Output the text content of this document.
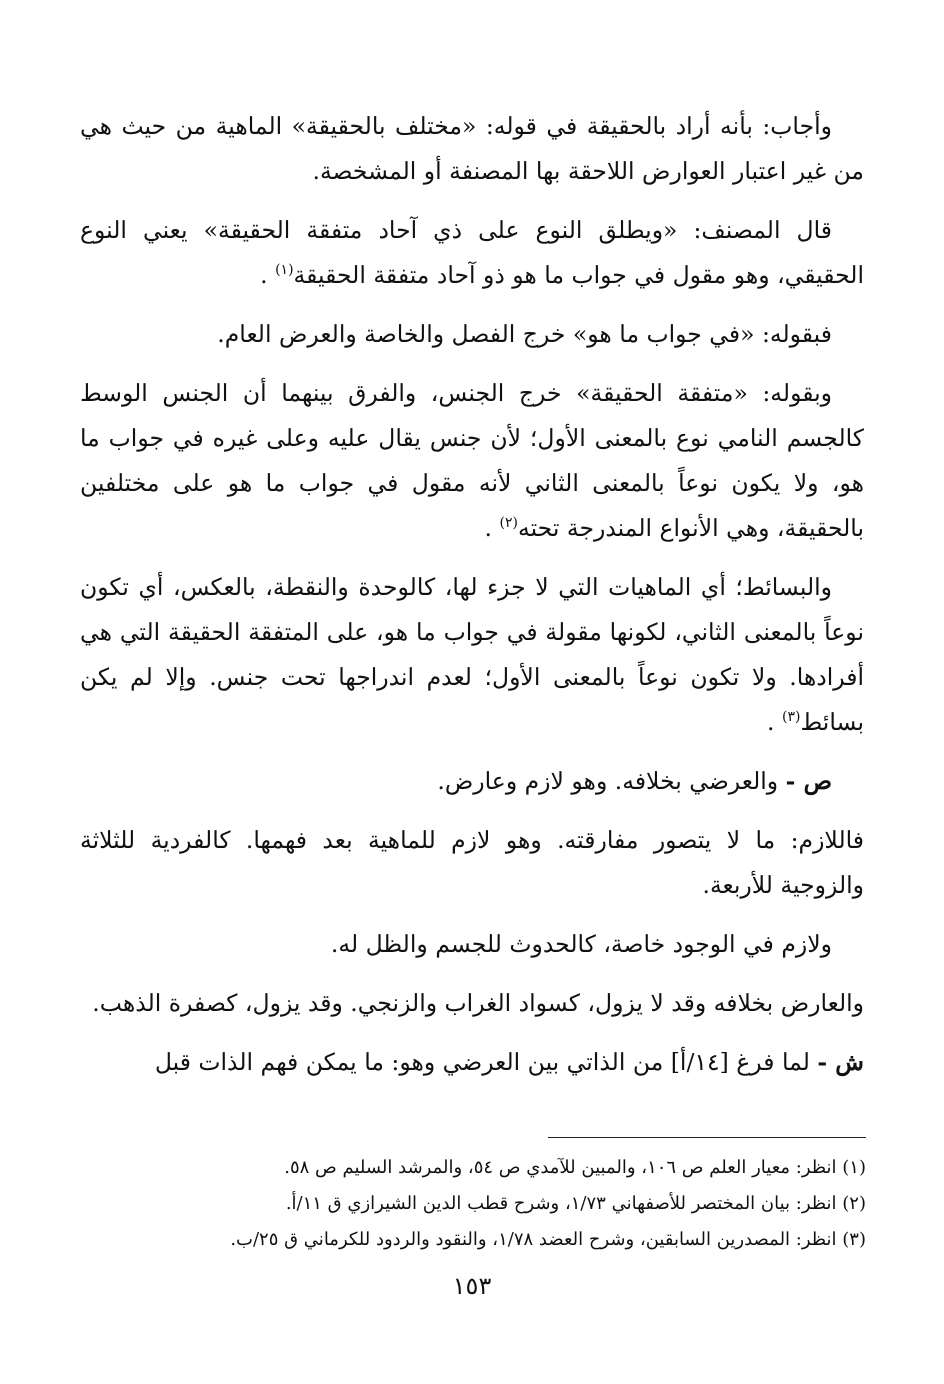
وأجاب: بأنه أراد بالحقيقة في قوله: «مختلف بالحقيقة» الماهية من حيث هي من غير اعتبار العوارض اللاحقة بها المصنفة أو المشخصة.

قال المصنف: «ويطلق النوع على ذي آحاد متفقة الحقيقة» يعني النوع الحقيقي، وهو مقول في جواب ما هو ذو آحاد متفقة الحقيقة$^{(١)}$ .

فبقوله: «في جواب ما هو» خرج الفصل والخاصة والعرض العام.

وبقوله: «متفقة الحقيقة» خرج الجنس، والفرق بينهما أن الجنس الوسط كالجسم النامي نوع بالمعنى الأول؛ لأن جنس يقال عليه وعلى غيره في جواب ما هو، ولا يكون نوعاً بالمعنى الثاني لأنه مقول في جواب ما هو على مختلفين بالحقيقة، وهي الأنواع المندرجة تحته$^{(٢)}$ .

والبسائط؛ أي الماهيات التي لا جزء لها، كالوحدة والنقطة، بالعكس، أي تكون نوعاً بالمعنى الثاني، لكونها مقولة في جواب ما هو، على المتفقة الحقيقة التي هي أفرادها. ولا تكون نوعاً بالمعنى الأول؛ لعدم اندراجها تحت جنس. وإلا لم يكن بسائط$^{(٣)}$ .

ص - والعرضي بخلافه. وهو لازم وعارض.

فاللازم: ما لا يتصور مفارقته. وهو لازم للماهية بعد فهمها. كالفردية للثلاثة والزوجية للأربعة.

ولازم في الوجود خاصة، كالحدوث للجسم والظل له.

والعارض بخلافه وقد لا يزول، كسواد الغراب والزنجي. وقد يزول، كصفرة الذهب.

ش - لما فرغ [١٤/أ] من الذاتي بين العرضي وهو: ما يمكن فهم الذات قبل

(١) انظر: معيار العلم ص ١٠٦، والمبين للآمدي ص ٥٤، والمرشد السليم ص ٥٨.

(٢) انظر: بيان المختصر للأصفهاني ١/٧٣، وشرح قطب الدين الشيرازي ق ١١/أ.

(٣) انظر: المصدرين السابقين، وشرح العضد ١/٧٨، والنقود والردود للكرماني ق ٢٥/ب.

١٥٣
